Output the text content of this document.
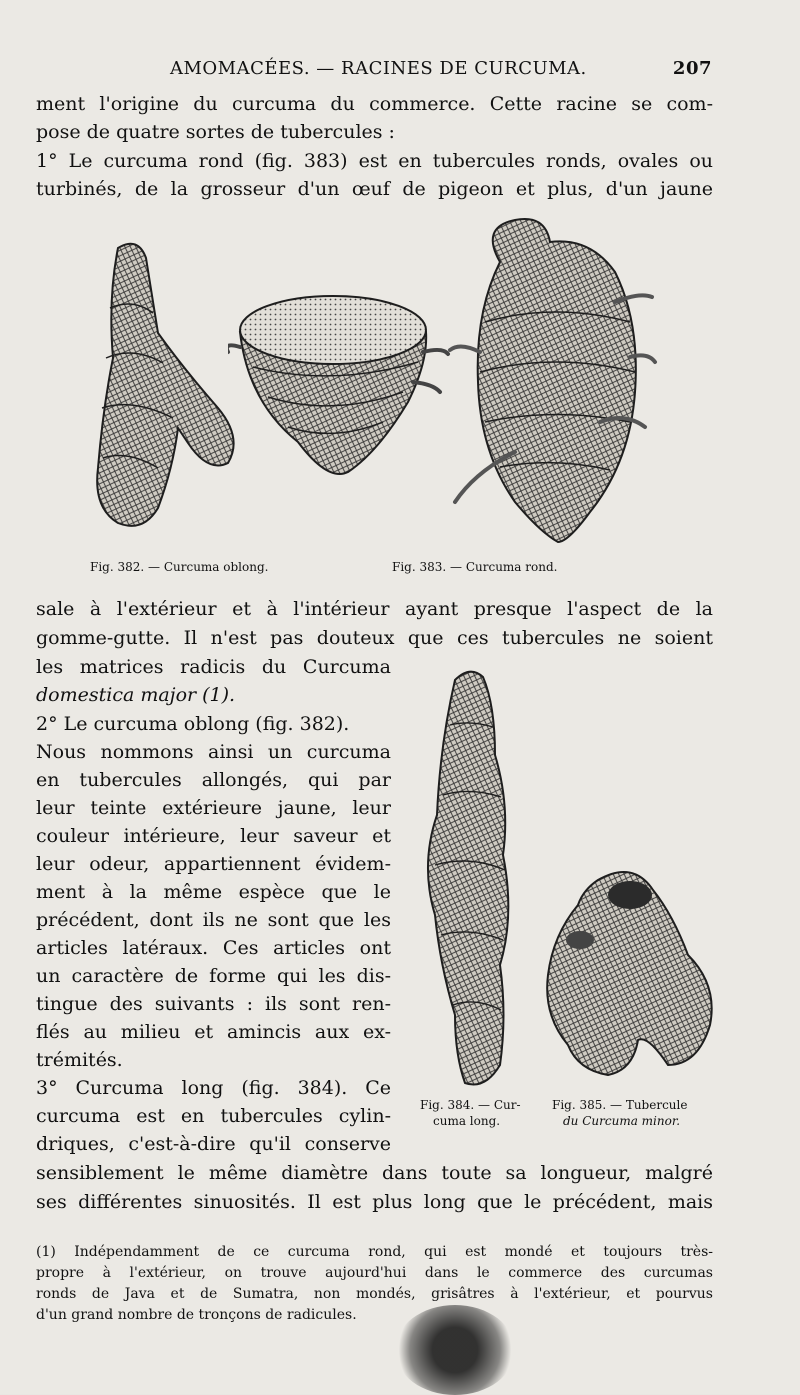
AMOMACÉES. — RACINES DE CURCUMA.	207
ment l'origine du curcuma du commerce. Cette racine se com-
pose de quatre sortes de tubercules :
1° Le curcuma rond (fig. 383) est en tubercules ronds, ovales ou
turbinés, de la grosseur d'un œuf de pigeon et plus, d'un jaune
Fig. 382. — Curcuma oblong.	Fig. 383. — Curcuma rond.
sale à l'extérieur et à l'intérieur ayant presque l'aspect de la
gomme-gutte. Il n'est pas douteux que ces tubercules ne soient
les matrices radicis du Curcuma
domestica major (1).
2° Le curcuma oblong (fig. 382).
Nous nommons ainsi un curcuma
en tubercules allongés, qui par
leur teinte extérieure jaune, leur
couleur intérieure, leur saveur et
leur odeur, appartiennent évidem-
ment à la même espèce que le
précédent, dont ils ne sont que les
articles latéraux. Ces articles ont
un caractère de forme qui les dis-
tingue des suivants : ils sont ren-
flés au milieu et amincis aux ex-
trémités.
3° Curcuma long (fig. 384). Ce
curcuma est en tubercules cylin-
driques, c'est-à-dire qu'il conserve
sensiblement le même diamètre dans toute sa longueur, malgré
ses différentes sinuosités. Il est plus long que le précédent, mais
Fig. 384. — Cur-
cuma long.
Fig. 385. — Tubercule
du Curcuma minor.
(1) Indépendamment de ce curcuma rond, qui est mondé et toujours très-
propre à l'extérieur, on trouve aujourd'hui dans le commerce des curcumas
ronds de Java et de Sumatra, non mondés, grisâtres à l'extérieur, et pourvus
d'un grand nombre de tronçons de radicules.
